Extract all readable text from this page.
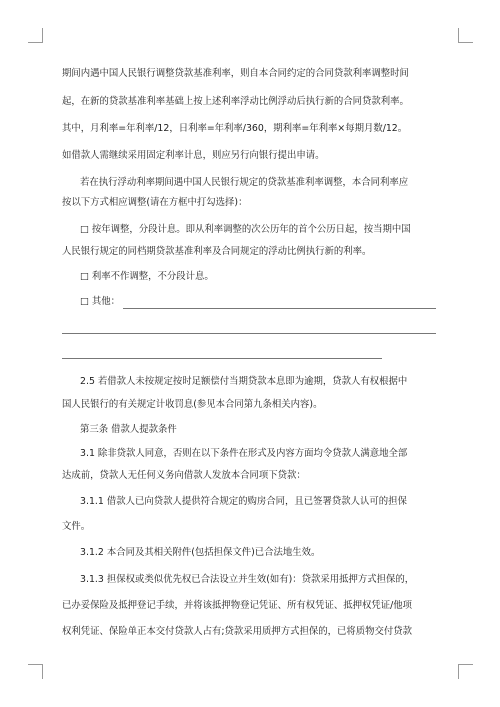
期间内遇中国人民银行调整贷款基准利率，则自本合同约定的合同贷款利率调整时间
起，在新的贷款基准利率基础上按上述利率浮动比例浮动后执行新的合同贷款利率。
其中，月利率=年利率/12，日利率=年利率/360，期利率=年利率×每期月数/12。
如借款人需继续采用固定利率计息，则应另行向银行提出申请。
若在执行浮动利率期间遇中国人民银行规定的贷款基准利率调整，本合同利率应
按以下方式相应调整(请在方框中打勾选择)：
□ 按年调整，分段计息。即从利率调整的次公历年的首个公历日起，按当期中国
人民银行规定的同档期贷款基准利率及合同规定的浮动比例执行新的利率。
□ 利率不作调整，不分段计息。
□ 其他：
2.5 若借款人未按规定按时足额偿付当期贷款本息即为逾期，贷款人有权根据中
国人民银行的有关规定计收罚息(参见本合同第九条相关内容)。
第三条 借款人提款条件
3.1 除非贷款人同意，否则在以下条件在形式及内容方面均令贷款人满意地全部
达成前，贷款人无任何义务向借款人发放本合同项下贷款：
3.1.1 借款人已向贷款人提供符合规定的购房合同，且已签署贷款人认可的担保
文件。
3.1.2 本合同及其相关附件(包括担保文件)已合法地生效。
3.1.3 担保权或类似优先权已合法设立并生效(如有)：贷款采用抵押方式担保的，
已办妥保险及抵押登记手续，并将该抵押物登记凭证、所有权凭证、抵押权凭证/他项
权利凭证、保险单正本交付贷款人占有;贷款采用质押方式担保的，已将质物交付贷款
